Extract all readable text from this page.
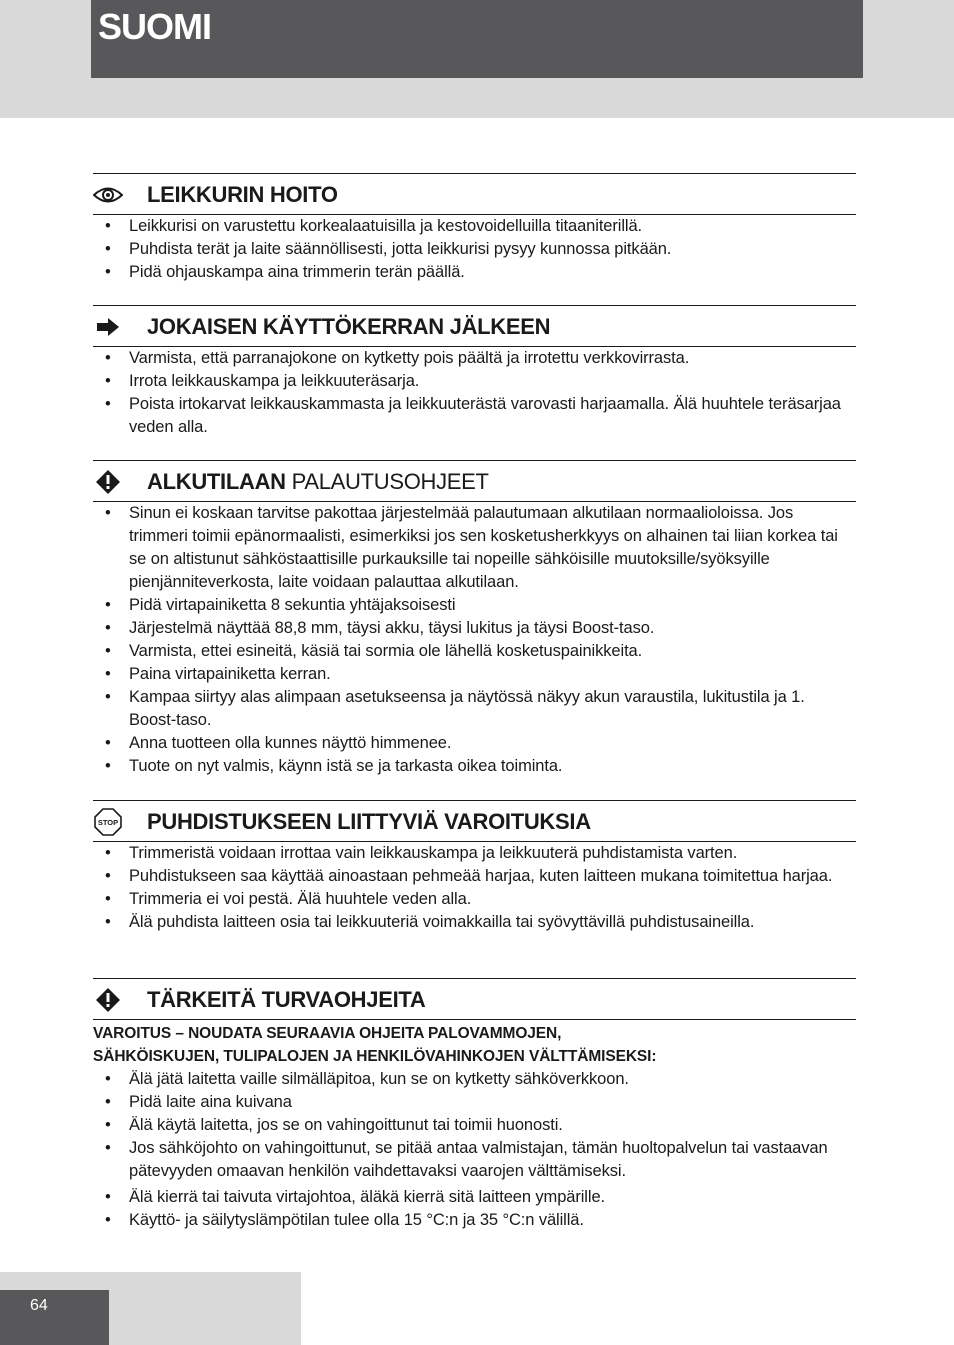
SUOMI
LEIKKURIN HOITO
• Leikkurisi on varustettu korkealaatuisilla ja kestovoidelluilla titaaniterillä.
• Puhdista terät ja laite säännöllisesti, jotta leikkurisi pysyy kunnossa pitkään.
• Pidä ohjauskampa aina trimmerin terän päällä.
JOKAISEN KÄYTTÖKERRAN JÄLKEEN
• Varmista, että parranajokone on kytketty pois päältä ja irrotettu verkkovirrasta.
• Irrota leikkauskampa ja leikkuuteräsarja.
• Poista irtokarvat leikkauskammasta ja leikkuuterästä varovasti harjaamalla. Älä huuhtele teräsarjaa veden alla.
ALKUTILAAN PALAUTUSOHJEET
• Sinun ei koskaan tarvitse pakottaa järjestelmää palautumaan alkutilaan normaalioloissa. Jos trimmeri toimii epänormaalisti, esimerkiksi jos sen kosketusherkkyys on alhainen tai liian korkea tai se on altistunut sähköstaattisille purkauksille tai nopeille sähköisille muutoksille/syöksyille pienjänniteverkosta, laite voidaan palauttaa alkutilaan.
• Pidä virtapainiketta 8 sekuntia yhtäjaksoisesti
• Järjestelmä näyttää 88,8 mm, täysi akku, täysi lukitus ja täysi Boost-taso.
• Varmista, ettei esineitä, käsiä tai sormia ole lähellä kosketuspainikkeita.
• Paina virtapainiketta kerran.
• Kampaa siirtyy alas alimpaan asetukseensa ja näytössä näkyy akun varaustila, lukitustila ja 1. Boost-taso.
• Anna tuotteen olla kunnes näyttö himmenee.
• Tuote on nyt valmis, käynn istä se ja tarkasta oikea toiminta.
STOP PUHDISTUKSEEN LIITTYVIÄ VAROITUKSIA
• Trimmeristä voidaan irrottaa vain leikkauskampa ja leikkuuterä puhdistamista varten.
• Puhdistukseen saa käyttää ainoastaan pehmeää harjaa, kuten laitteen mukana toimitettua harjaa.
• Trimmeria ei voi pestä. Älä huuhtele veden alla.
• Älä puhdista laitteen osia tai leikkuuteriä voimakkailla tai syövyttävillä puhdistusaineilla.
TÄRKEITÄ TURVAOHJEITA
VAROITUS – NOUDATA SEURAAVIA OHJEITA PALOVAMMOJEN,
SÄHKÖISKUJEN, TULIPALOJEN JA HENKILÖVAHINKOJEN VÄLTTÄMISEKSI:
• Älä jätä laitetta vaille silmälläpitoa, kun se on kytketty sähköverkkoon.
• Pidä laite aina kuivana
• Älä käytä laitetta, jos se on vahingoittunut tai toimii huonosti.
• Jos sähköjohto on vahingoittunut, se pitää antaa valmistajan, tämän huoltopalvelun tai vastaavan pätevyyden omaavan henkilön vaihdettavaksi vaarojen välttämiseksi.
• Älä kierrä tai taivuta virtajohtoa, äläkä kierrä sitä laitteen ympärille.
• Käyttö- ja säilytyslämpötilan tulee olla 15 °C:n ja 35 °C:n välillä.
64
